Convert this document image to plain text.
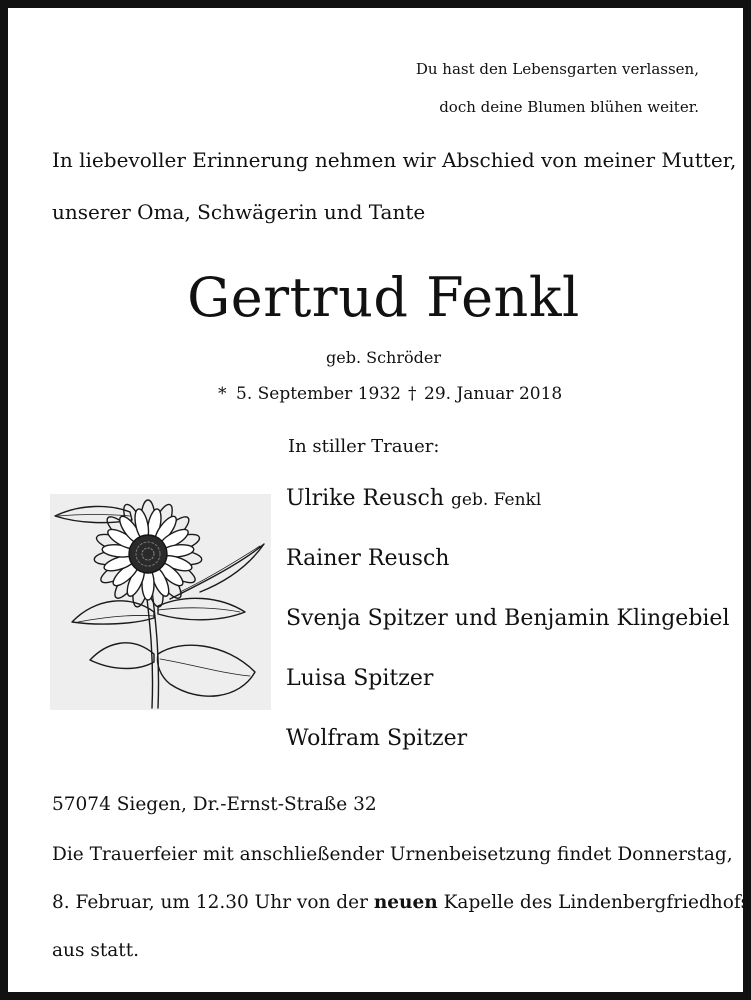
Du hast den Lebensgarten verlassen,
doch deine Blumen blühen weiter.
In liebevoller Erinnerung nehmen wir Abschied von meiner Mutter,
unserer Oma, Schwägerin und Tante
Gertrud Fenkl
geb. Schröder
* 5. September 1932 † 29. Januar 2018
In stiller Trauer:
Ulrike Reusch geb. Fenkl
Rainer Reusch
Svenja Spitzer und Benjamin Klingebiel
Luisa Spitzer
Wolfram Spitzer
57074 Siegen, Dr.-Ernst-Straße 32
Die Trauerfeier mit anschließender Urnenbeisetzung findet Donnerstag,
8. Februar, um 12.30 Uhr von der neuen Kapelle des Lindenbergfriedhofs
aus statt.
